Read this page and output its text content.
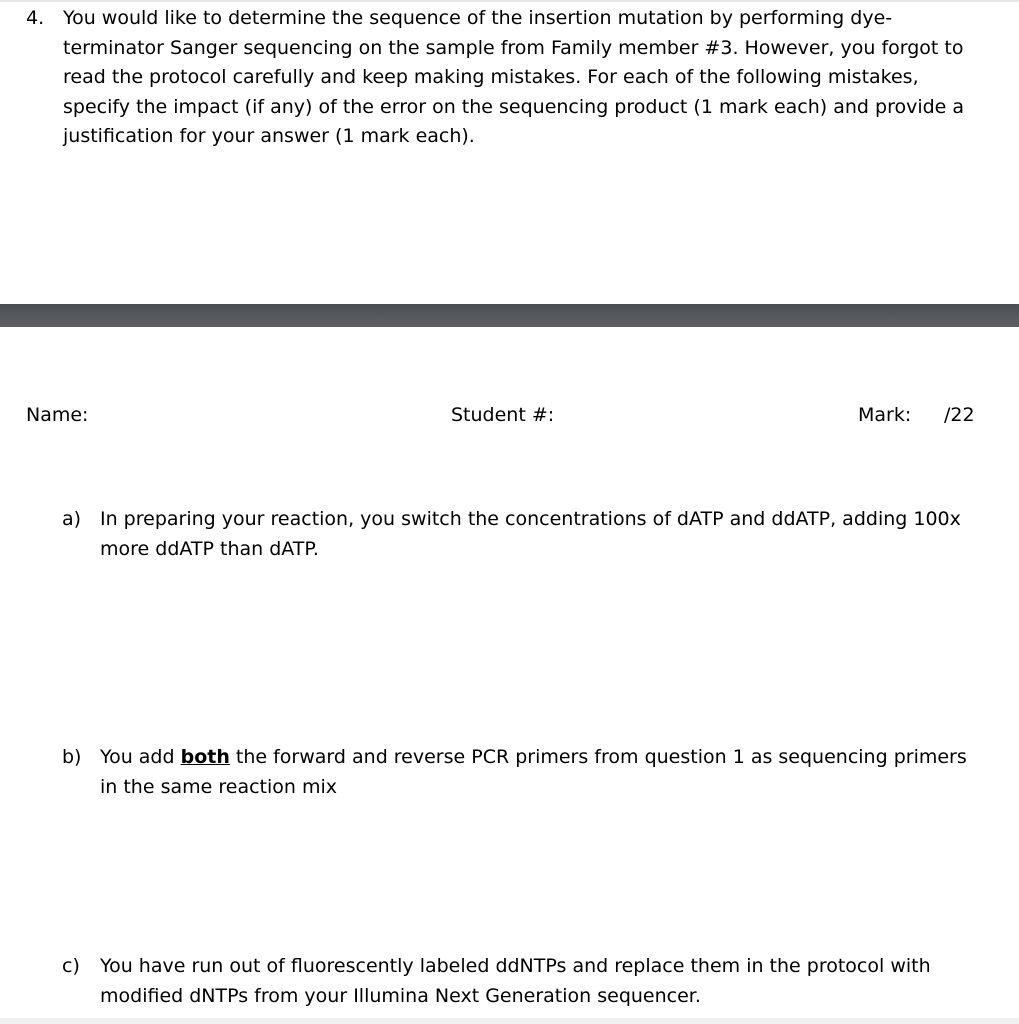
4. You would like to determine the sequence of the insertion mutation by performing dye-terminator Sanger sequencing on the sample from Family member #3. However, you forgot to read the protocol carefully and keep making mistakes. For each of the following mistakes, specify the impact (if any) of the error on the sequencing product (1 mark each) and provide a justification for your answer (1 mark each).
Name:	Student #:	Mark: /22
a) In preparing your reaction, you switch the concentrations of dATP and ddATP, adding 100x more ddATP than dATP.
b) You add both the forward and reverse PCR primers from question 1 as sequencing primers in the same reaction mix
c) You have run out of fluorescently labeled ddNTPs and replace them in the protocol with modified dNTPs from your Illumina Next Generation sequencer.
